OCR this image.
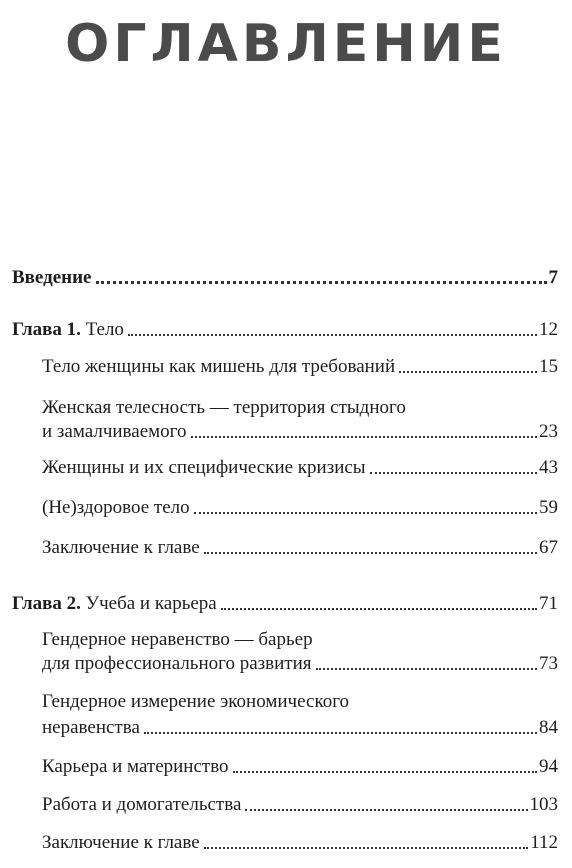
ОГЛАВЛЕНИЕ
Введение	7
Глава 1. Тело	12
Тело женщины как мишень для требований	15
Женская телесность — территория стыдного
и замалчиваемого	23
Женщины и их специфические кризисы	43
(Не)здоровое тело	59
Заключение к главе	67
Глава 2. Учеба и карьера	71
Гендерное неравенство — барьер
для профессионального развития	73
Гендерное измерение экономического
неравенства	84
Карьера и материнство	94
Работа и домогательства	103
Заключение к главе	112
